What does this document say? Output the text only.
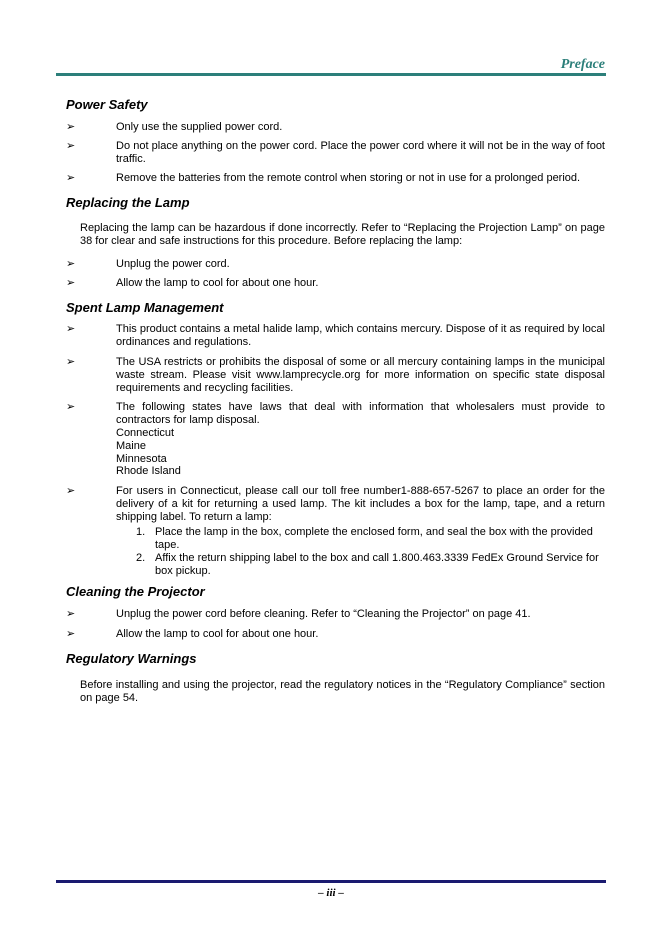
Preface
Power Safety
➢	Only use the supplied power cord.
➢	Do not place anything on the power cord. Place the power cord where it will not be in the way of foot traffic.
➢	Remove the batteries from the remote control when storing or not in use for a prolonged period.
Replacing the Lamp
Replacing the lamp can be hazardous if done incorrectly. Refer to “Replacing the Projection Lamp” on page 38 for clear and safe instructions for this procedure. Before replacing the lamp:
➢	Unplug the power cord.
➢	Allow the lamp to cool for about one hour.
Spent Lamp Management
➢	This product contains a metal halide lamp, which contains mercury. Dispose of it as required by local ordinances and regulations.
➢	The USA restricts or prohibits the disposal of some or all mercury containing lamps in the municipal waste stream. Please visit www.lamprecycle.org for more information on specific state disposal requirements and recycling facilities.
➢	The following states have laws that deal with information that wholesalers must provide to contractors for lamp disposal.
Connecticut
Maine
Minnesota
Rhode Island
➢	For users in Connecticut, please call our toll free number1-888-657-5267 to place an order for the delivery of a kit for returning a used lamp. The kit includes a box for the lamp, tape, and a return shipping label. To return a lamp:
1. Place the lamp in the box, complete the enclosed form, and seal the box with the provided tape.
2. Affix the return shipping label to the box and call 1.800.463.3339 FedEx Ground Service for box pickup.
Cleaning the Projector
➢	Unplug the power cord before cleaning. Refer to “Cleaning the Projector” on page 41.
➢	Allow the lamp to cool for about one hour.
Regulatory Warnings
Before installing and using the projector, read the regulatory notices in the “Regulatory Compliance” section on page 54.
– iii –
